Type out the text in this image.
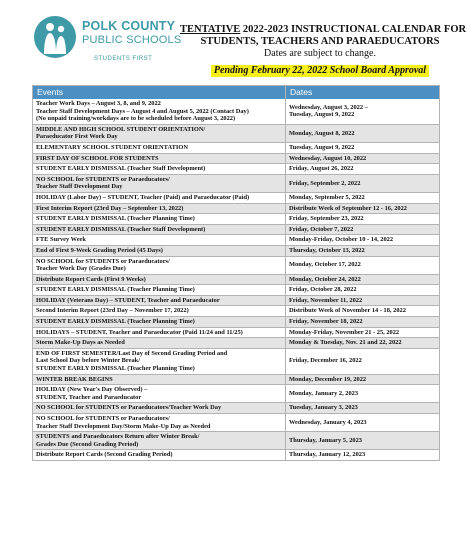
POLK COUNTY
PUBLIC SCHOOLS
STUDENTS FIRST
TENTATIVE 2022-2023 INSTRUCTIONAL CALENDAR FOR
STUDENTS, TEACHERS AND PARAEDUCATORS
Dates are subject to change.
Pending February 22, 2022 School Board Approval
Events	Dates
Teacher Work Days – August 3, 8, and 9, 2022
Teacher Staff Development Days – August 4 and August 5, 2022 (Contact Day)
(No unpaid training/workdays are to be scheduled before August 3, 2022)
Wednesday, August 3, 2022 –
Tuesday, August 9, 2022
MIDDLE AND HIGH SCHOOL STUDENT ORIENTATION/
Paraeducator First Work Day
Monday, August 8, 2022
ELEMENTARY SCHOOL STUDENT ORIENTATION	Tuesday, August 9, 2022
FIRST DAY OF SCHOOL FOR STUDENTS	Wednesday, August 10, 2022
STUDENT EARLY DISMISSAL (Teacher Staff Development)	Friday, August 26, 2022
NO SCHOOL for STUDENTS or Paraeducators/
Teacher Staff Development Day
Friday, September 2, 2022
HOLIDAY (Labor Day) – STUDENT, Teacher (Paid) and Paraeducator (Paid)	Monday, September 5, 2022
First Interim Report (23rd Day – September 13, 2022)	Distribute Week of September 12 - 16, 2022
STUDENT EARLY DISMISSAL (Teacher Planning Time)	Friday, September 23, 2022
STUDENT EARLY DISMISSAL (Teacher Staff Development)	Friday, October 7, 2022
FTE Survey Week	Monday-Friday, October 10 - 14, 2022
End of First 9-Week Grading Period (45 Days)	Thursday, October 13, 2022
NO SCHOOL for STUDENTS or Paraeducators/
Teacher Work Day (Grades Due)
Monday, October 17, 2022
Distribute Report Cards (First 9 Weeks)	Monday, October 24, 2022
STUDENT EARLY DISMISSAL (Teacher Planning Time)	Friday, October 28, 2022
HOLIDAY (Veterans Day) – STUDENT, Teacher and Paraeducator	Friday, November 11, 2022
Second Interim Report (23rd Day – November 17, 2022)	Distribute Week of November 14 - 18, 2022
STUDENT EARLY DISMISSAL (Teacher Planning Time)	Friday, November 18, 2022
HOLIDAYS – STUDENT, Teacher and Paraeducator (Paid 11/24 and 11/25)	Monday-Friday, November 21 - 25, 2022
Storm Make-Up Days as Needed	Monday & Tuesday, Nov. 21 and 22, 2022
END OF FIRST SEMESTER/Last Day of Second Grading Period and
Last School Day before Winter Break/
STUDENT EARLY DISMISSAL (Teacher Planning Time)
Friday, December 16, 2022
WINTER BREAK BEGINS	Monday, December 19, 2022
HOLIDAY (New Year's Day Observed) –
STUDENT, Teacher and Paraeducator
Monday, January 2, 2023
NO SCHOOL for STUDENTS or Paraeducators/Teacher Work Day	Tuesday, January 3, 2023
NO SCHOOL for STUDENTS or Paraeducators/
Teacher Staff Development Day/Storm Make-Up Day as Needed
Wednesday, January 4, 2023
STUDENTS and Paraeducators Return after Winter Break/
Grades Due (Second Grading Period)
Thursday, January 5, 2023
Distribute Report Cards (Second Grading Period)	Thursday, January 12, 2023
